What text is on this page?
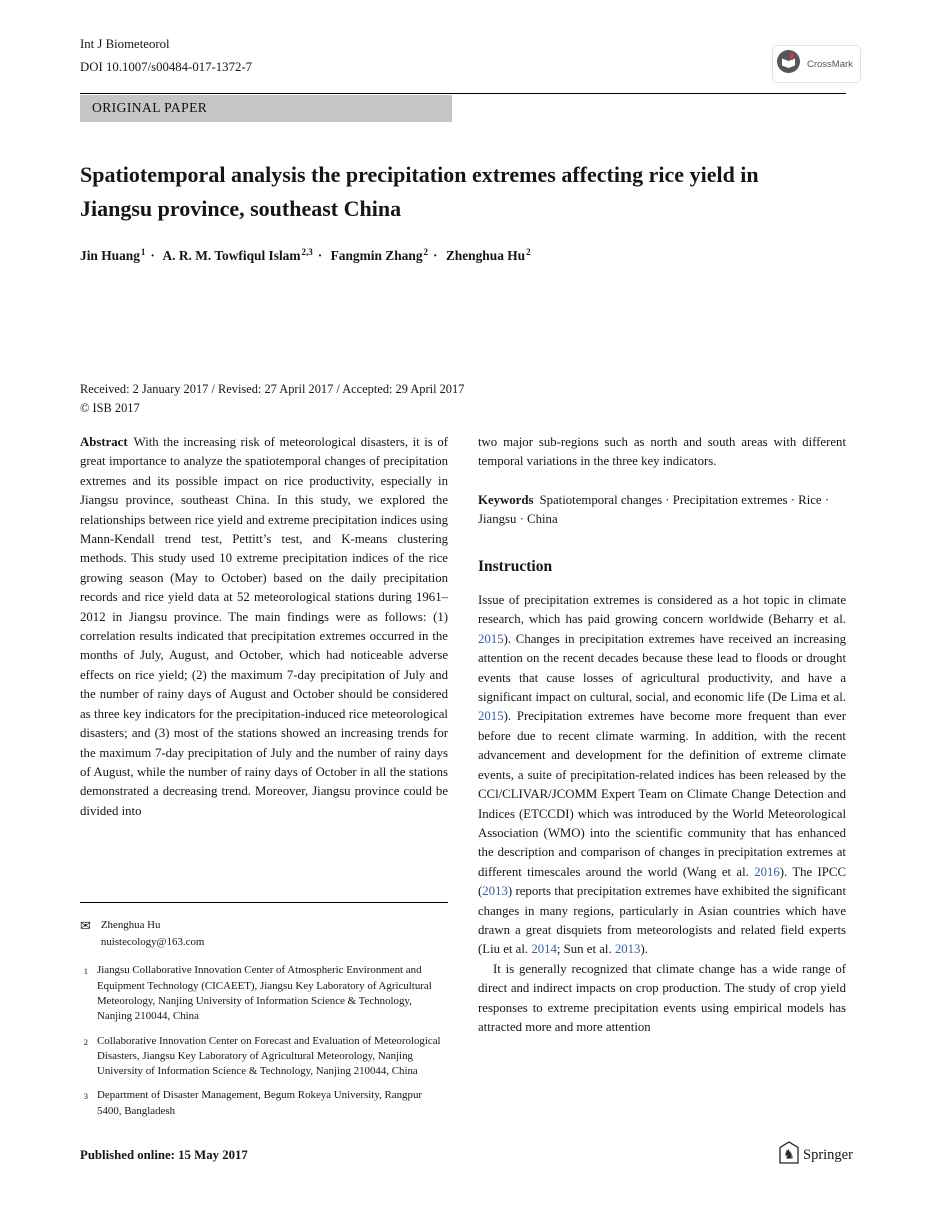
Int J Biometeorol
DOI 10.1007/s00484-017-1372-7	CrossMark
ORIGINAL PAPER
Spatiotemporal analysis the precipitation extremes affecting rice yield in Jiangsu province, southeast China
Jin Huang$^1$ · A. R. M. Towfiqul Islam$^{2,3}$ · Fangmin Zhang$^2$ · Zhenghua Hu$^2$
Received: 2 January 2017 / Revised: 27 April 2017 / Accepted: 29 April 2017
© ISB 2017

Abstract With the increasing risk of meteorological disasters, it is of great importance to analyze the spatiotemporal changes of precipitation extremes and its possible impact on rice productivity, especially in Jiangsu province, southeast China. In this study, we explored the relationships between rice yield and extreme precipitation indices using Mann-Kendall trend test, Pettitt’s test, and K-means clustering methods. This study used 10 extreme precipitation indices of the rice growing season (May to October) based on the daily precipitation records and rice yield data at 52 meteorological stations during 1961–2012 in Jiangsu province. The main findings were as follows: (1) correlation results indicated that precipitation extremes occurred in the months of July, August, and October, which had noticeable adverse effects on rice yield; (2) the maximum 7-day precipitation of July and the number of rainy days of August and October should be considered as three key indicators for the precipitation-induced rice meteorological disasters; and (3) most of the stations showed an increasing trends for the maximum 7-day precipitation of July and the number of rainy days of August, while the number of rainy days of October in all the stations demonstrated a decreasing trend. Moreover, Jiangsu province could be divided into

✉ Zhenghua Hu
nuistecology@163.com
1 Jiangsu Collaborative Innovation Center of Atmospheric Environment and Equipment Technology (CICAEET), Jiangsu Key Laboratory of Agricultural Meteorology, Nanjing University of Information Science & Technology, Nanjing 210044, China
2 Collaborative Innovation Center on Forecast and Evaluation of Meteorological Disasters, Jiangsu Key Laboratory of Agricultural Meteorology, Nanjing University of Information Science & Technology, Nanjing 210044, China
3 Department of Disaster Management, Begum Rokeya University, Rangpur 5400, Bangladesh

two major sub-regions such as north and south areas with different temporal variations in the three key indicators.

Keywords Spatiotemporal changes · Precipitation extremes · Rice · Jiangsu · China

Instruction

Issue of precipitation extremes is considered as a hot topic in climate research, which has paid growing concern worldwide (Beharry et al. 2015). Changes in precipitation extremes have received an increasing attention on the recent decades because these lead to floods or drought events that cause losses of agricultural productivity, and have a significant impact on cultural, social, and economic life (De Lima et al. 2015). Precipitation extremes have become more frequent than ever before due to recent climate warming. In addition, with the recent advancement and development for the definition of extreme climate events, a suite of precipitation-related indices has been released by the CCl/CLIVAR/JCOMM Expert Team on Climate Change Detection and Indices (ETCCDI) which was introduced by the World Meteorological Association (WMO) into the scientific community that has enhanced the description and comparison of changes in precipitation extremes at different timescales around the world (Wang et al. 2016). The IPCC (2013) reports that precipitation extremes have exhibited the significant changes in many regions, particularly in Asian countries which have drawn a great disquiets from meteorologists and related field experts (Liu et al. 2014; Sun et al. 2013).

It is generally recognized that climate change has a wide range of direct and indirect impacts on crop production. The study of crop yield responses to extreme precipitation events using empirical models has attracted more and more attention

Published online: 15 May 2017	♞ Springer
